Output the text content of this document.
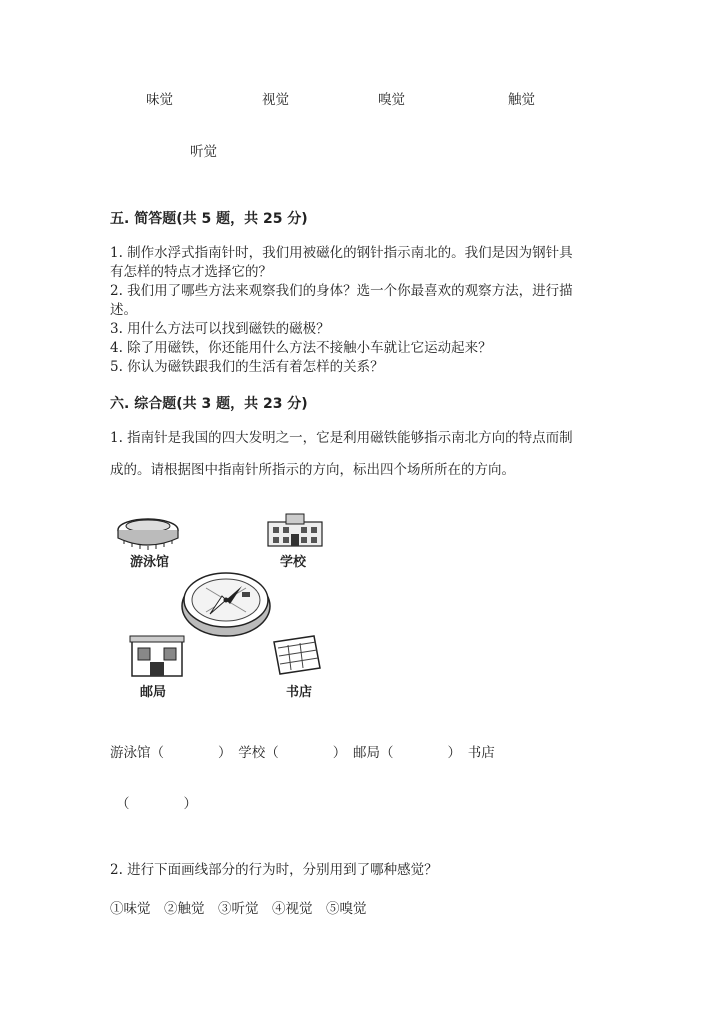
味觉	视觉	嗅觉	触觉
听觉
五. 简答题(共 5 题，共 25 分)
1. 制作水浮式指南针时，我们用被磁化的钢针指示南北的。我们是因为钢针具
有怎样的特点才选择它的？
2. 我们用了哪些方法来观察我们的身体？选一个你最喜欢的观察方法，进行描
述。
3. 用什么方法可以找到磁铁的磁极？
4. 除了用磁铁，你还能用什么方法不接触小车就让它运动起来？
5. 你认为磁铁跟我们的生活有着怎样的关系？
六. 综合题(共 3 题，共 23 分)
1. 指南针是我国的四大发明之一，它是利用磁铁能够指示南北方向的特点而制
成的。请根据图中指南针所指示的方向，标出四个场所所在的方向。
游泳馆	学校
邮局	书店
游泳馆（　　　　）　学校（　　　　）　邮局（　　　　）　书店
（　　　　）
2. 进行下面画线部分的行为时，分别用到了哪种感觉？
①味觉　②触觉　③听觉　④视觉　⑤嗅觉
